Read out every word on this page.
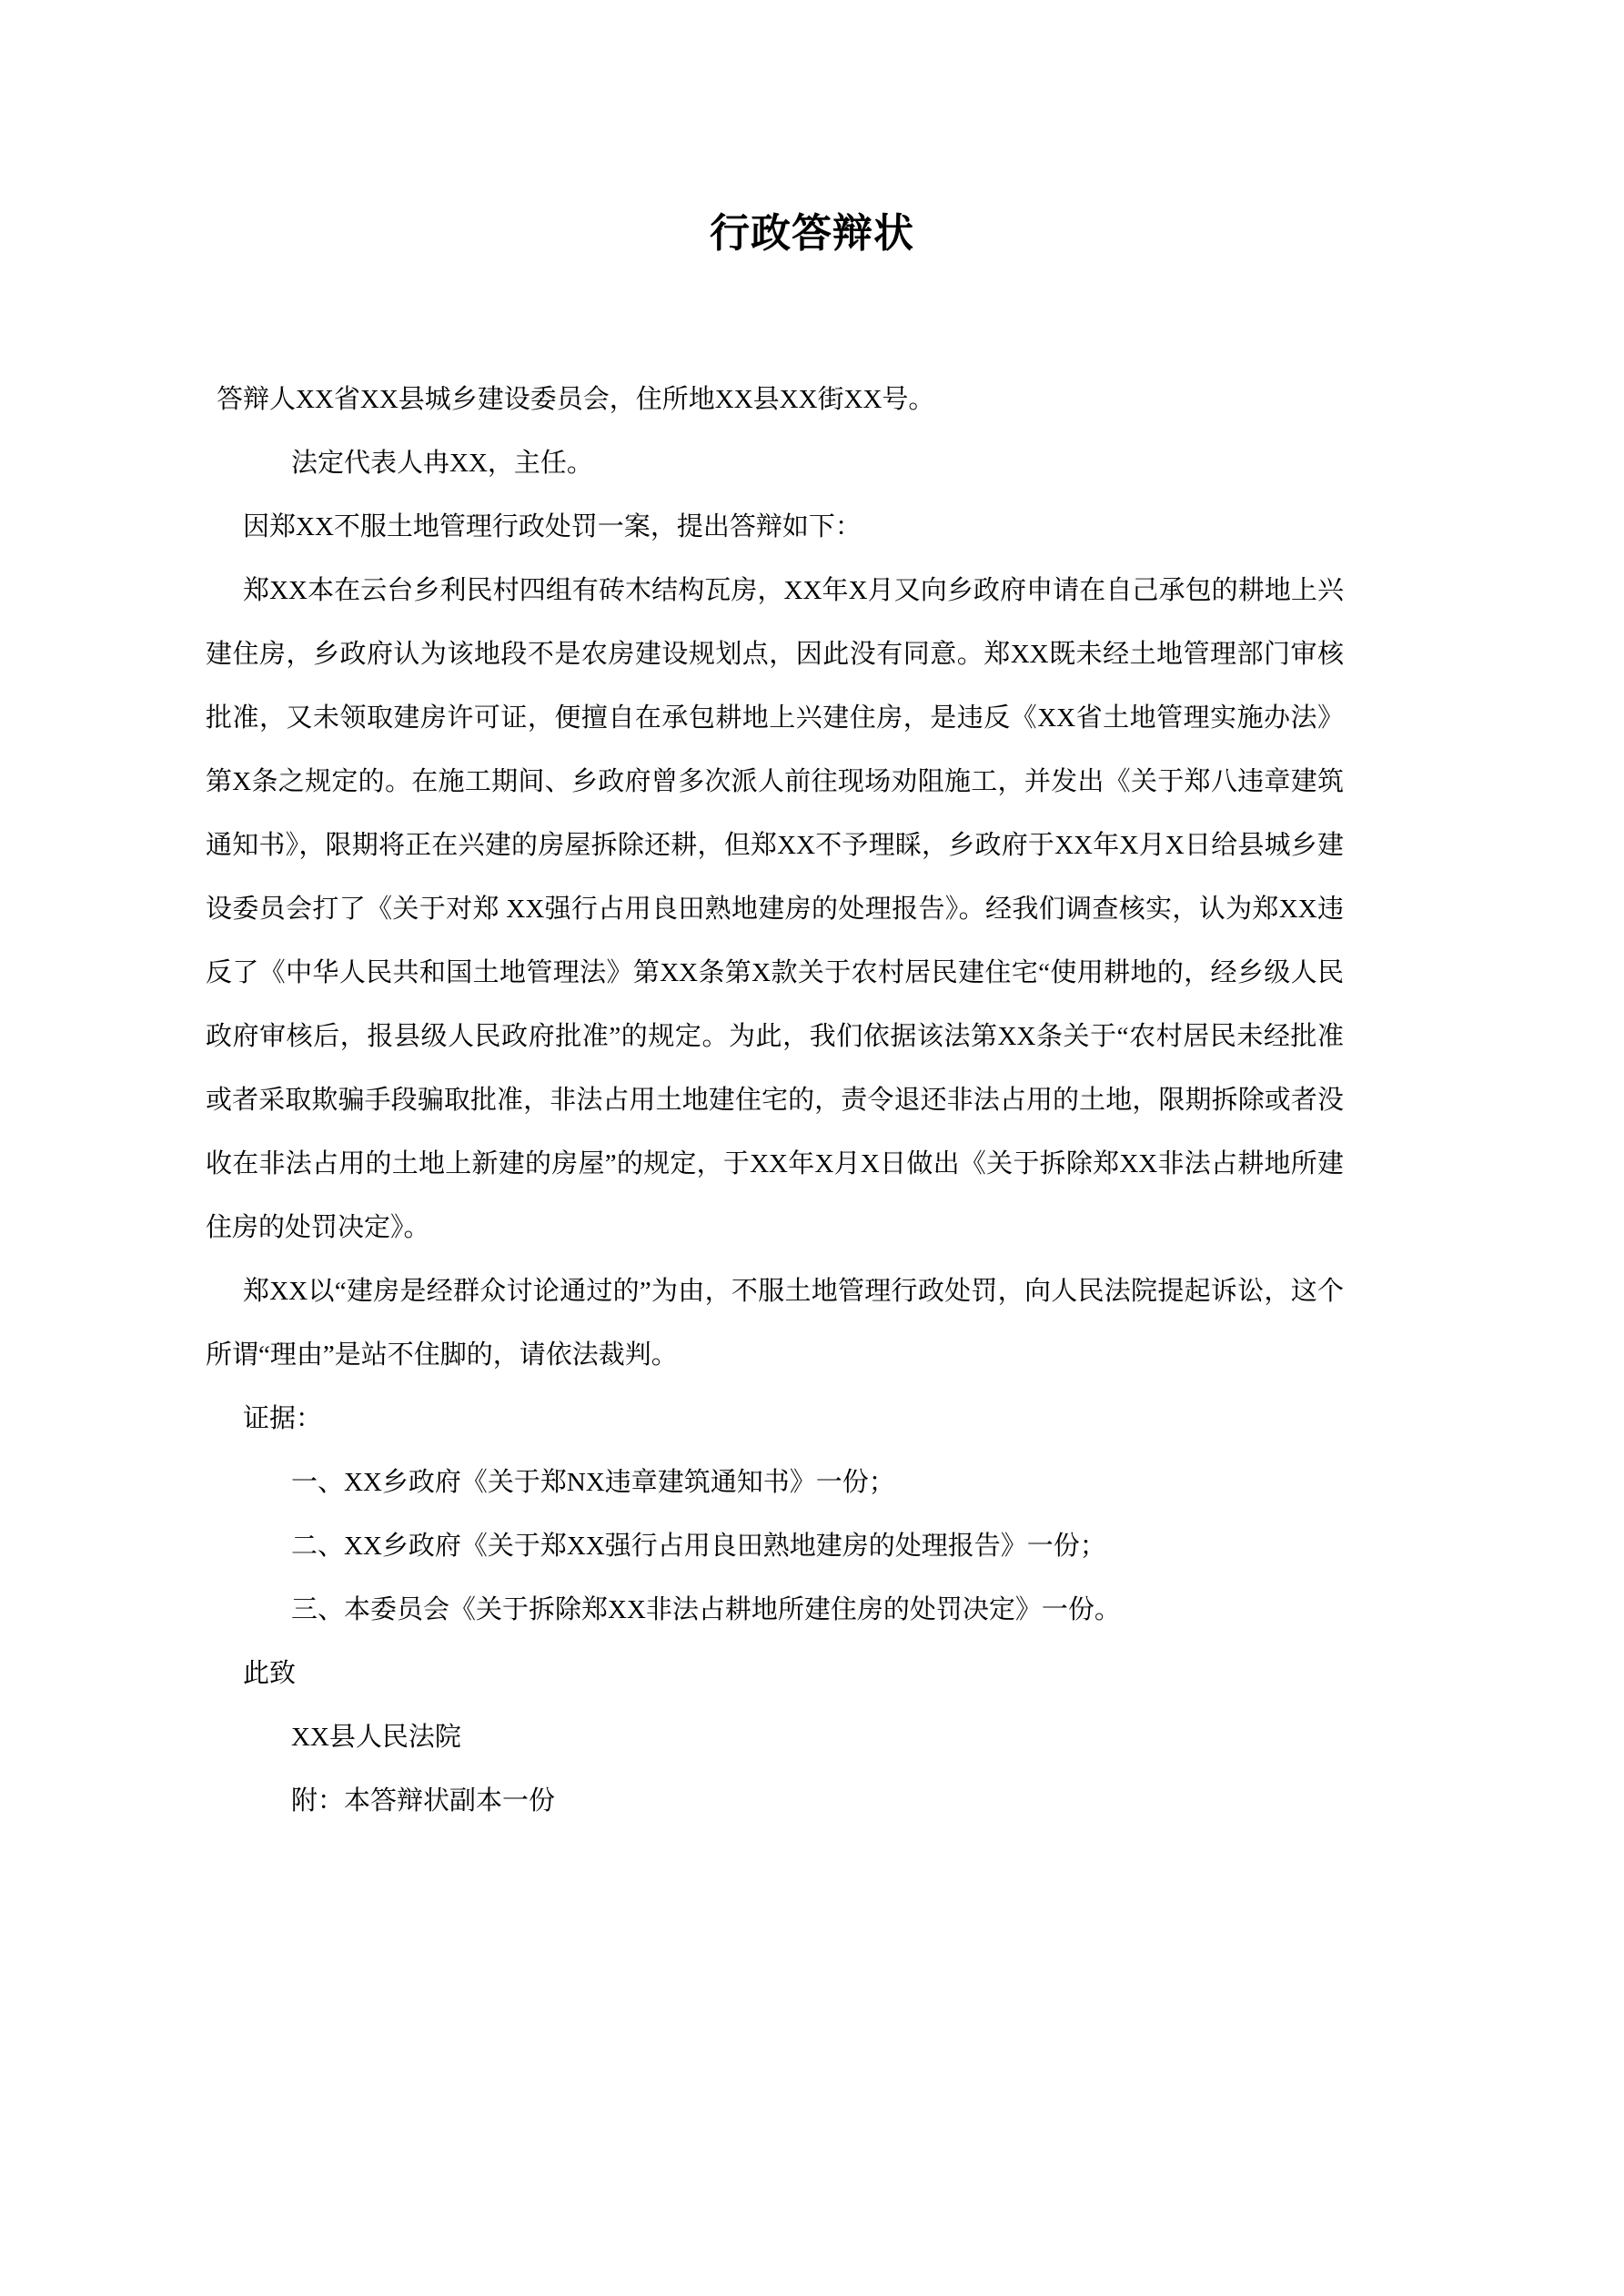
行政答辩状

答辩人XX省XX县城乡建设委员会，住所地XX县XX街XX号。

法定代表人冉XX，主任。

因郑XX不服土地管理行政处罚一案，提出答辩如下：

郑XX本在云台乡利民村四组有砖木结构瓦房，XX年X月又向乡政府申请在自己承包的耕地上兴建住房，乡政府认为该地段不是农房建设规划点，因此没有同意。郑XX既未经土地管理部门审核批准，又未领取建房许可证，便擅自在承包耕地上兴建住房，是违反《XX省土地管理实施办法》第X条之规定的。在施工期间、乡政府曾多次派人前往现场劝阻施工，并发出《关于郑八违章建筑通知书》，限期将正在兴建的房屋拆除还耕，但郑XX不予理睬，乡政府于XX年X月X日给县城乡建设委员会打了《关于对郑 XX强行占用良田熟地建房的处理报告》。经我们调查核实，认为郑XX违反了《中华人民共和国土地管理法》第XX条第X款关于农村居民建住宅“使用耕地的，经乡级人民政府审核后，报县级人民政府批准”的规定。为此，我们依据该法第XX条关于“农村居民未经批准或者采取欺骗手段骗取批准，非法占用土地建住宅的，责令退还非法占用的土地，限期拆除或者没收在非法占用的土地上新建的房屋”的规定，于XX年X月X日做出《关于拆除郑XX非法占耕地所建住房的处罚决定》。

郑XX以“建房是经群众讨论通过的”为由，不服土地管理行政处罚，向人民法院提起诉讼，这个所谓“理由”是站不住脚的，请依法裁判。

证据：

一、XX乡政府《关于郑NX违章建筑通知书》一份；

二、XX乡政府《关于郑XX强行占用良田熟地建房的处理报告》一份；

三、本委员会《关于拆除郑XX非法占耕地所建住房的处罚决定》一份。

此致

XX县人民法院

附：本答辩状副本一份
